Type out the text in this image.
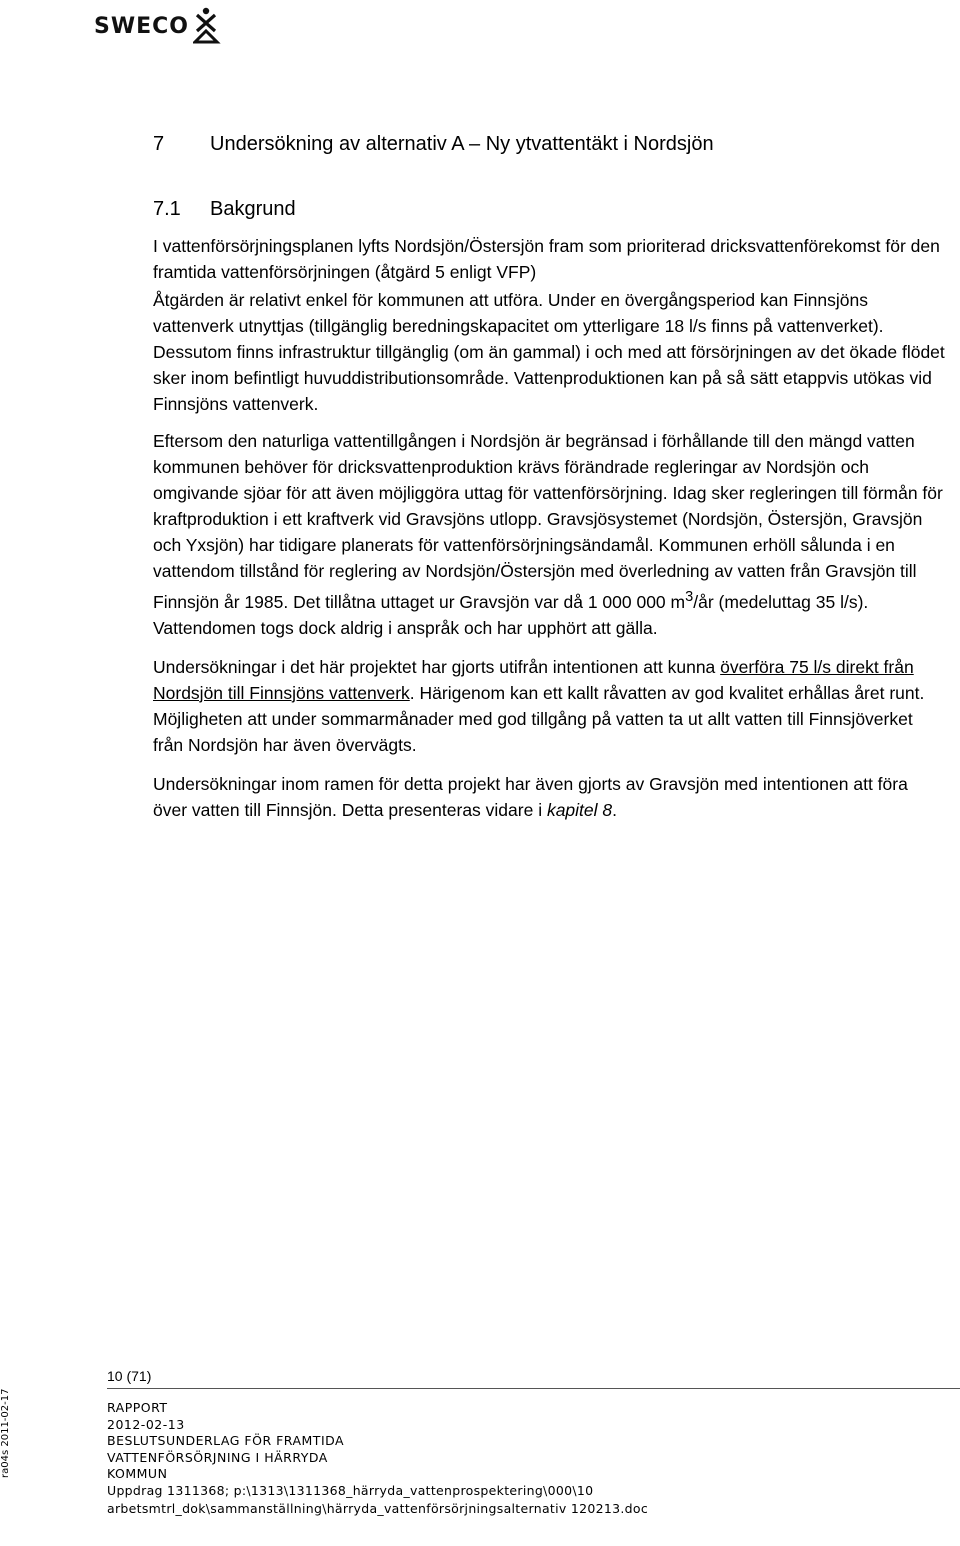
SWECO
7 Undersökning av alternativ A – Ny ytvattentäkt i Nordsjön
7.1 Bakgrund

I vattenförsörjningsplanen lyfts Nordsjön/Östersjön fram som prioriterad dricksvattenförekomst för den framtida vattenförsörjningen (åtgärd 5 enligt VFP)

Åtgärden är relativt enkel för kommunen att utföra. Under en övergångsperiod kan Finnsjöns vattenverk utnyttjas (tillgänglig beredningskapacitet om ytterligare 18 l/s finns på vattenverket). Dessutom finns infrastruktur tillgänglig (om än gammal) i och med att försörjningen av det ökade flödet sker inom befintligt huvuddistributionsområde. Vattenproduktionen kan på så sätt etappvis utökas vid Finnsjöns vattenverk.

Eftersom den naturliga vattentillgången i Nordsjön är begränsad i förhållande till den mängd vatten kommunen behöver för dricksvattenproduktion krävs förändrade regleringar av Nordsjön och omgivande sjöar för att även möjliggöra uttag för vattenförsörjning. Idag sker regleringen till förmån för kraftproduktion i ett kraftverk vid Gravsjöns utlopp. Gravsjösystemet (Nordsjön, Östersjön, Gravsjön och Yxsjön) har tidigare planerats för vattenförsörjningsändamål. Kommunen erhöll sålunda i en vattendom tillstånd för reglering av Nordsjön/Östersjön med överledning av vatten från Gravsjön till Finnsjön år 1985. Det tillåtna uttaget ur Gravsjön var då 1 000 000 $m^3/år$ (medeluttag 35 l/s). Vattendomen togs dock aldrig i anspråk och har upphört att gälla.

Undersökningar i det här projektet har gjorts utifrån intentionen att kunna överföra 75 l/s direkt från Nordsjön till Finnsjöns vattenverk. Härigenom kan ett kallt råvatten av god kvalitet erhållas året runt. Möjligheten att under sommarmånader med god tillgång på vatten ta ut allt vatten till Finnsjöverket från Nordsjön har även övervägts.

Undersökningar inom ramen för detta projekt har även gjorts av Gravsjön med intentionen att föra över vatten till Finnsjön. Detta presenteras vidare i kapitel 8.

ra04s 2011-02-17
10 (71)
RAPPORT
2012-02-13
BESLUTSUNDERLAG FÖR FRAMTIDA
VATTENFÖRSÖRJNING I HÄRRYDA
KOMMUN
Uppdrag 1311368; p:\1313\1311368_härryda_vattenprospektering\000\10
arbetsmtrl_dok\sammanställning\härryda_vattenförsörjningsalternativ 120213.doc
